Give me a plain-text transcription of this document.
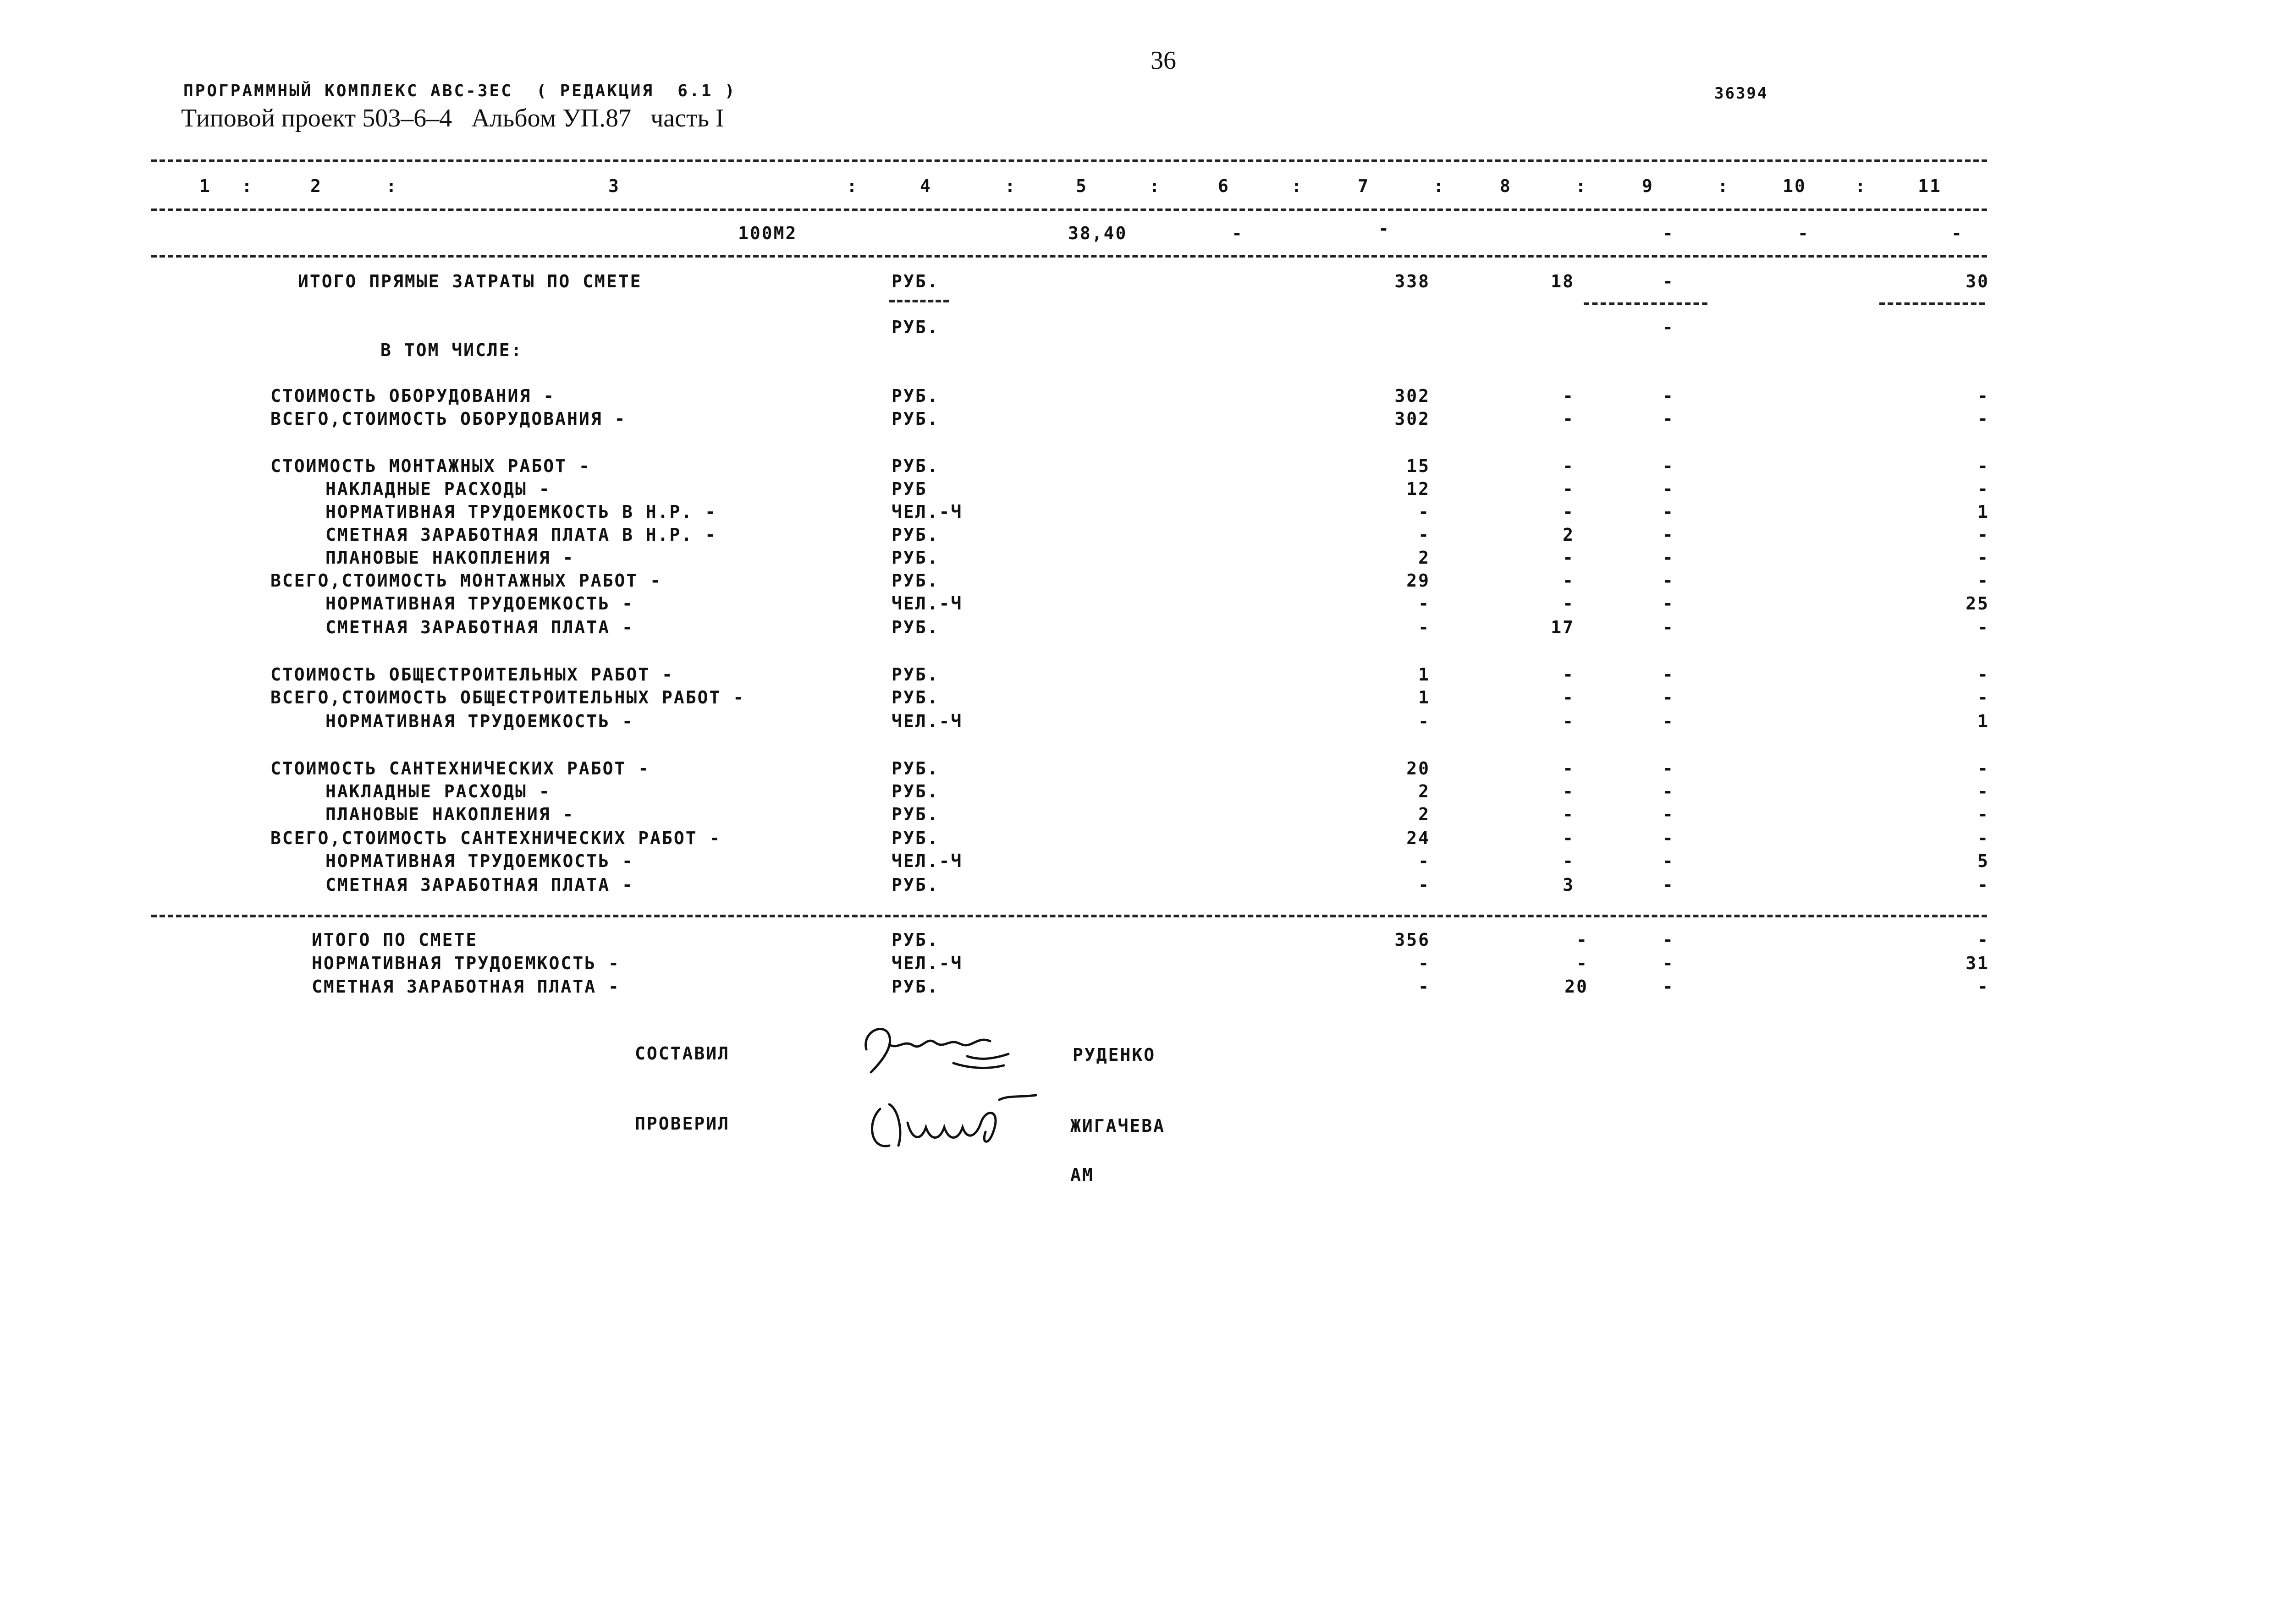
36
ПРОГРАММНЫЙ КОМПЛЕКС АВС-3ЕС  ( РЕДАКЦИЯ  6.1 )
Типовой проект 503–6–4   Альбом УП.87   часть I
36394
1	2	3	4	5	6	7	8	9	10	11
:	:	:	:	:	:	:	:	:	:
100М2	38,40	-	-	-	-	-
ИТОГО ПРЯМЫЕ ЗАТРАТЫ ПО СМЕТЕ	РУБ.	338	18	-	30
РУБ.	-
В ТОМ ЧИСЛЕ:
СТОИМОСТЬ ОБОРУДОВАНИЯ -	РУБ.	302	-	-	-
ВСЕГО,СТОИМОСТЬ ОБОРУДОВАНИЯ -	РУБ.	302	-	-	-
СТОИМОСТЬ МОНТАЖНЫХ РАБОТ -	РУБ.	15	-	-	-
НАКЛАДНЫЕ РАСХОДЫ -	РУБ	12	-	-	-
НОРМАТИВНАЯ ТРУДОЕМКОСТЬ В Н.Р. -	ЧЕЛ.-Ч	-	-	-	1
СМЕТНАЯ ЗАРАБОТНАЯ ПЛАТА В Н.Р. -	РУБ.	-	2	-	-
ПЛАНОВЫЕ НАКОПЛЕНИЯ -	РУБ.	2	-	-	-
ВСЕГО,СТОИМОСТЬ МОНТАЖНЫХ РАБОТ -	РУБ.	29	-	-	-
НОРМАТИВНАЯ ТРУДОЕМКОСТЬ -	ЧЕЛ.-Ч	-	-	-	25
СМЕТНАЯ ЗАРАБОТНАЯ ПЛАТА -	РУБ.	-	17	-	-
СТОИМОСТЬ ОБЩЕСТРОИТЕЛЬНЫХ РАБОТ -	РУБ.	1	-	-	-
ВСЕГО,СТОИМОСТЬ ОБЩЕСТРОИТЕЛЬНЫХ РАБОТ -	РУБ.	1	-	-	-
НОРМАТИВНАЯ ТРУДОЕМКОСТЬ -	ЧЕЛ.-Ч	-	-	-	1
СТОИМОСТЬ САНТЕХНИЧЕСКИХ РАБОТ -	РУБ.	20	-	-	-
НАКЛАДНЫЕ РАСХОДЫ -	РУБ.	2	-	-	-
ПЛАНОВЫЕ НАКОПЛЕНИЯ -	РУБ.	2	-	-	-
ВСЕГО,СТОИМОСТЬ САНТЕХНИЧЕСКИХ РАБОТ -	РУБ.	24	-	-	-
НОРМАТИВНАЯ ТРУДОЕМКОСТЬ -	ЧЕЛ.-Ч	-	-	-	5
СМЕТНАЯ ЗАРАБОТНАЯ ПЛАТА -	РУБ.	-	3	-	-
ИТОГО ПО СМЕТЕ	РУБ.	356	-	-	-
НОРМАТИВНАЯ ТРУДОЕМКОСТЬ -	ЧЕЛ.-Ч	-	-	-	31
СМЕТНАЯ ЗАРАБОТНАЯ ПЛАТА -	РУБ.	-	20	-	-
СОСТАВИЛ	РУДЕНКО
ПРОВЕРИЛ	ЖИГАЧЕВА
АМ
